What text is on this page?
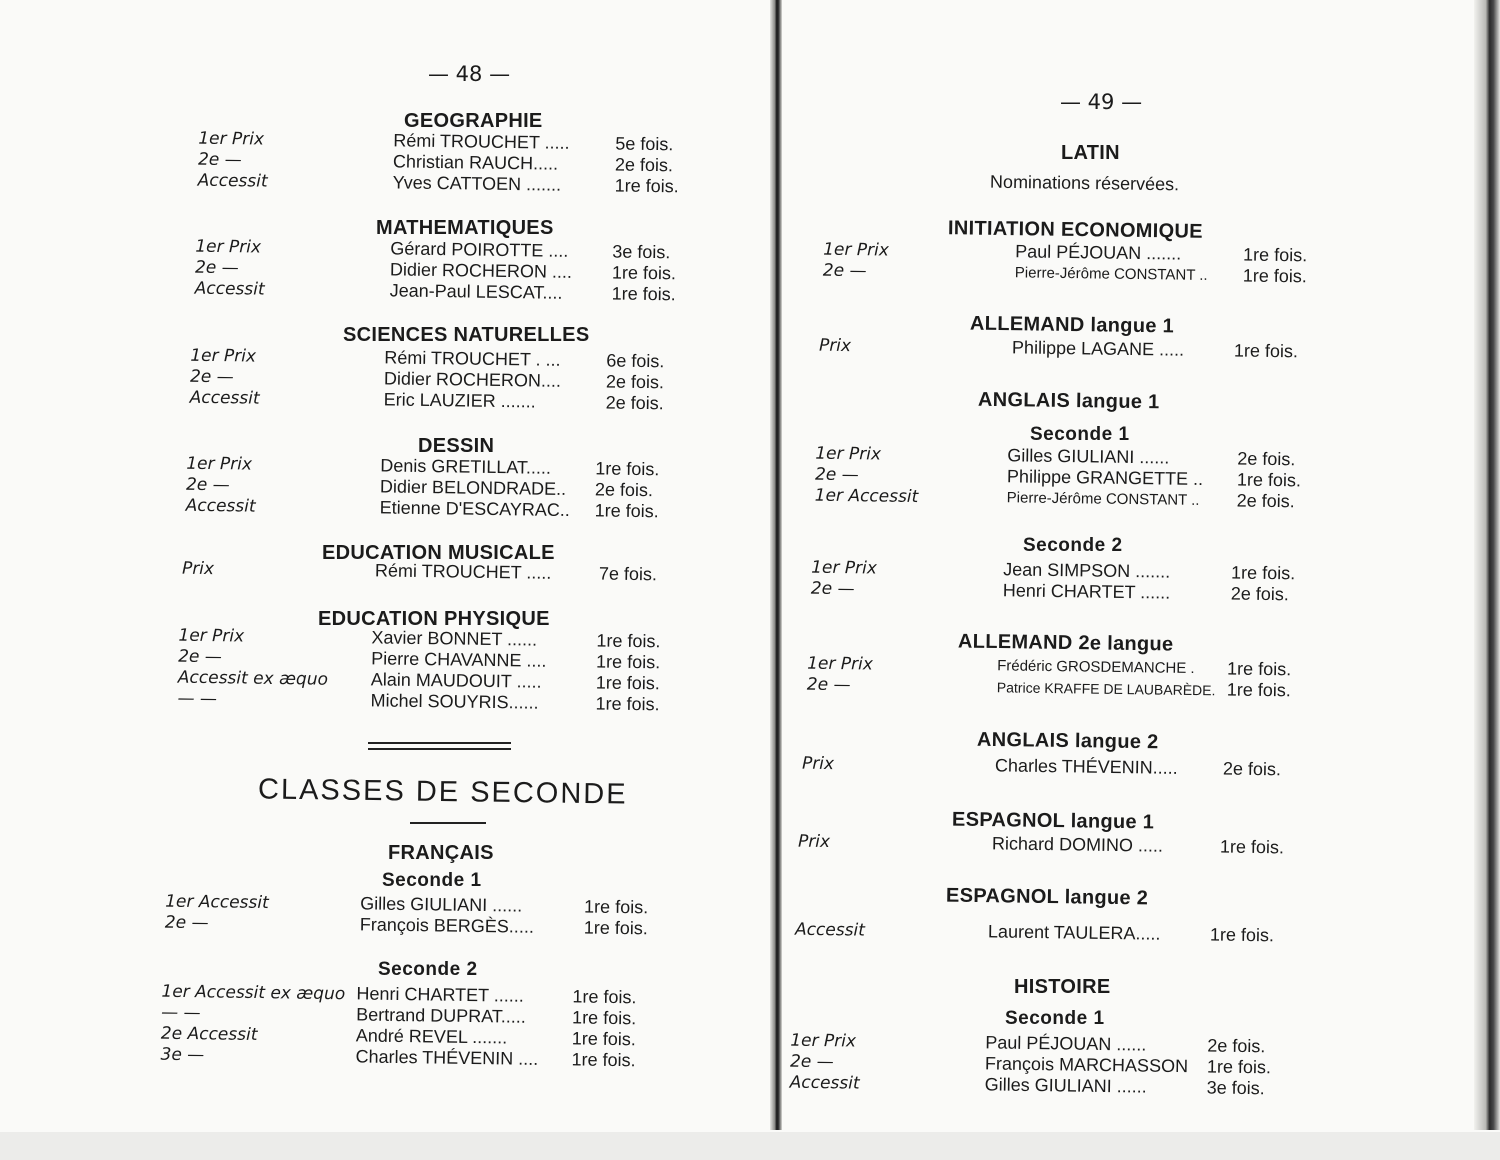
— 48 —
GEOGRAPHIE
1er Prix	Rémi TROUCHET .....	5e fois.
2e —	Christian RAUCH.....	2e fois.
Accessit	Yves CATTOEN .......	1re fois.
MATHEMATIQUES
1er Prix	Gérard POIROTTE ....	3e fois.
2e —	Didier ROCHERON ....	1re fois.
Accessit	Jean-Paul LESCAT....	1re fois.
SCIENCES NATURELLES
1er Prix	Rémi TROUCHET . ...	6e fois.
2e —	Didier ROCHERON....	2e fois.
Accessit	Eric LAUZIER .......	2e fois.
DESSIN
1er Prix	Denis GRETILLAT.....	1re fois.
2e —	Didier BELONDRADE..	2e fois.
Accessit	Etienne D'ESCAYRAC..	1re fois.
EDUCATION MUSICALE
Prix	Rémi TROUCHET .....	7e fois.
EDUCATION PHYSIQUE
1er Prix	Xavier BONNET ......	1re fois.
2e —	Pierre CHAVANNE ....	1re fois.
Accessit ex æquo	Alain MAUDOUIT .....	1re fois.
— —	Michel SOUYRIS......	1re fois.
CLASSES DE SECONDE
FRANÇAIS
Seconde 1
1er Accessit	Gilles GIULIANI ......	1re fois.
2e —	François BERGÈS.....	1re fois.
Seconde 2
1er Accessit ex æquo	Henri CHARTET ......	1re fois.
— —	Bertrand DUPRAT.....	1re fois.
2e Accessit	André REVEL .......	1re fois.
3e —	Charles THÉVENIN ....	1re fois.
— 49 —
LATIN
Nominations réservées.
INITIATION ECONOMIQUE
1er Prix	Paul PÉJOUAN .......	1re fois.
2e —	Pierre-Jérôme CONSTANT ..	1re fois.
ALLEMAND langue 1
Prix	Philippe LAGANE .....	1re fois.
ANGLAIS langue 1
Seconde 1
1er Prix	Gilles GIULIANI ......	2e fois.
2e —	Philippe GRANGETTE ..	1re fois.
1er Accessit	Pierre-Jérôme CONSTANT ..	2e fois.
Seconde 2
1er Prix	Jean SIMPSON .......	1re fois.
2e —	Henri CHARTET ......	2e fois.
ALLEMAND 2e langue
1er Prix	Frédéric GROSDEMANCHE .	1re fois.
2e —	Patrice KRAFFE DE LAUBARÈDE.	1re fois.
ANGLAIS langue 2
Prix	Charles THÉVENIN.....	2e fois.
ESPAGNOL langue 1
Prix	Richard DOMINO .....	1re fois.
ESPAGNOL langue 2
Accessit	Laurent TAULERA.....	1re fois.
HISTOIRE
Seconde 1
1er Prix	Paul PÉJOUAN ......	2e fois.
2e —	François MARCHASSON	1re fois.
Accessit	Gilles GIULIANI ......	3e fois.
